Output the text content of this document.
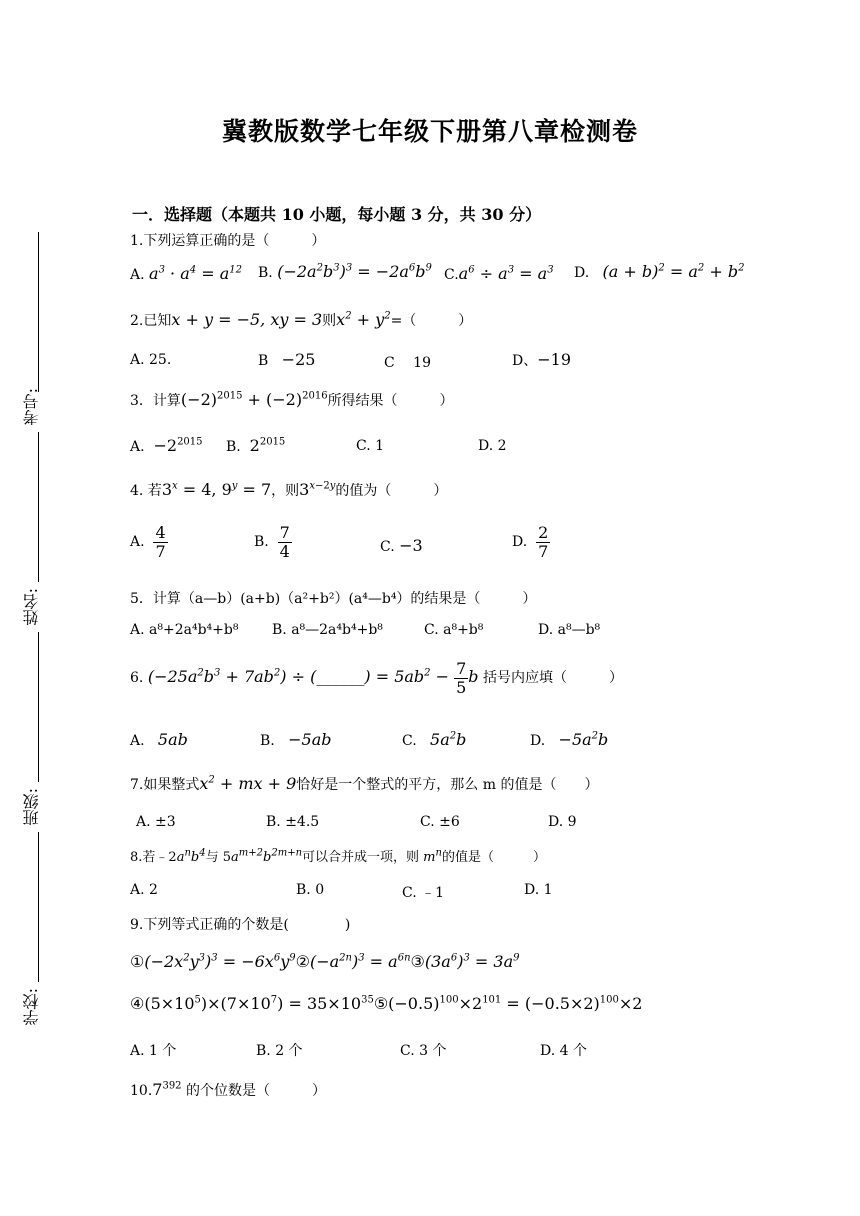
冀教版数学七年级下册第八章检测卷
一．选择题（本题共 10 小题，每小题 3 分，共 30 分）
考号:
姓名:
班级:
学校:
1.下列运算正确的是（　　　）
A. $a^3 \cdot a^4 = a^{12}$ B. $(-2a^2b^3)^3 = -2a^6b^9$ $C.a^6 \div a^3 = a^3$ D. $(a + b)^2 = a^2 + b^2$
2.已知x + y = −5, xy = 3则$x^2 + y^2=$（　　　）
A. 25.	B −25	C　 19	D、−19
3．计算$(-2)^{2015} + (-2)^{2016}$所得结果（　　　）
A. $-2^{2015}$ B. $2^{2015}$	C. 1	D. 2
4. 若$3^x = 4$, $9^y = 7$，则$3^{x-2y}$的值为（　　　）
A. $\frac{4}{7}$	B. $\frac{7}{4}$	C. −3	D. $\frac{2}{7}$
5．计算（a—b）(a+b)（a²+b²）(a⁴—b⁴）的结果是（　　　）
A. a⁸+2a⁴b⁴+b⁸ B. a⁸—2a⁴b⁴+b⁸	C. a⁸+b⁸	D. a⁸—b⁸
6. $(-25a^2b^3 + 7ab^2)$ ÷ (______) = $5ab^2 - \frac{7}{5}$ b 括号内应填（　　　）
A. 5ab	B. −5ab	C. $5a^2b$	D. $-5a^2b$
7.如果整式$x^2$ + mx + 9恰好是一个整式的平方，那么 m 的值是（　　）
A. ±3	B. ±4.5	C. ±6	D. 9
8.若$﹣2a^nb^4$与 $5a^{m+2}b^{2m+n}$可以合并成一项，则 $m^n$的值是（　　　）
A. 2	B. 0	C. ﹣1	D. 1
9.下列等式正确的个数是(　　　　)
$①(-2x^2y^3)^3$ = $-6x^6y^9②(-a^{2n})^3$ = $a^{6n}③(3a^6)^3 = 3a^9$
$④(5\times 10^5)\times(7\times 10^7)$ = $35\times 10^{35}⑤(-0.5)^{100}\times 2^{101} = (-0.5\times 2)^{100}\times 2$
A. 1 个	B. 2 个	C. 3 个	D. 4 个
10.7$^{392}$ 的个位数是（　　　）
